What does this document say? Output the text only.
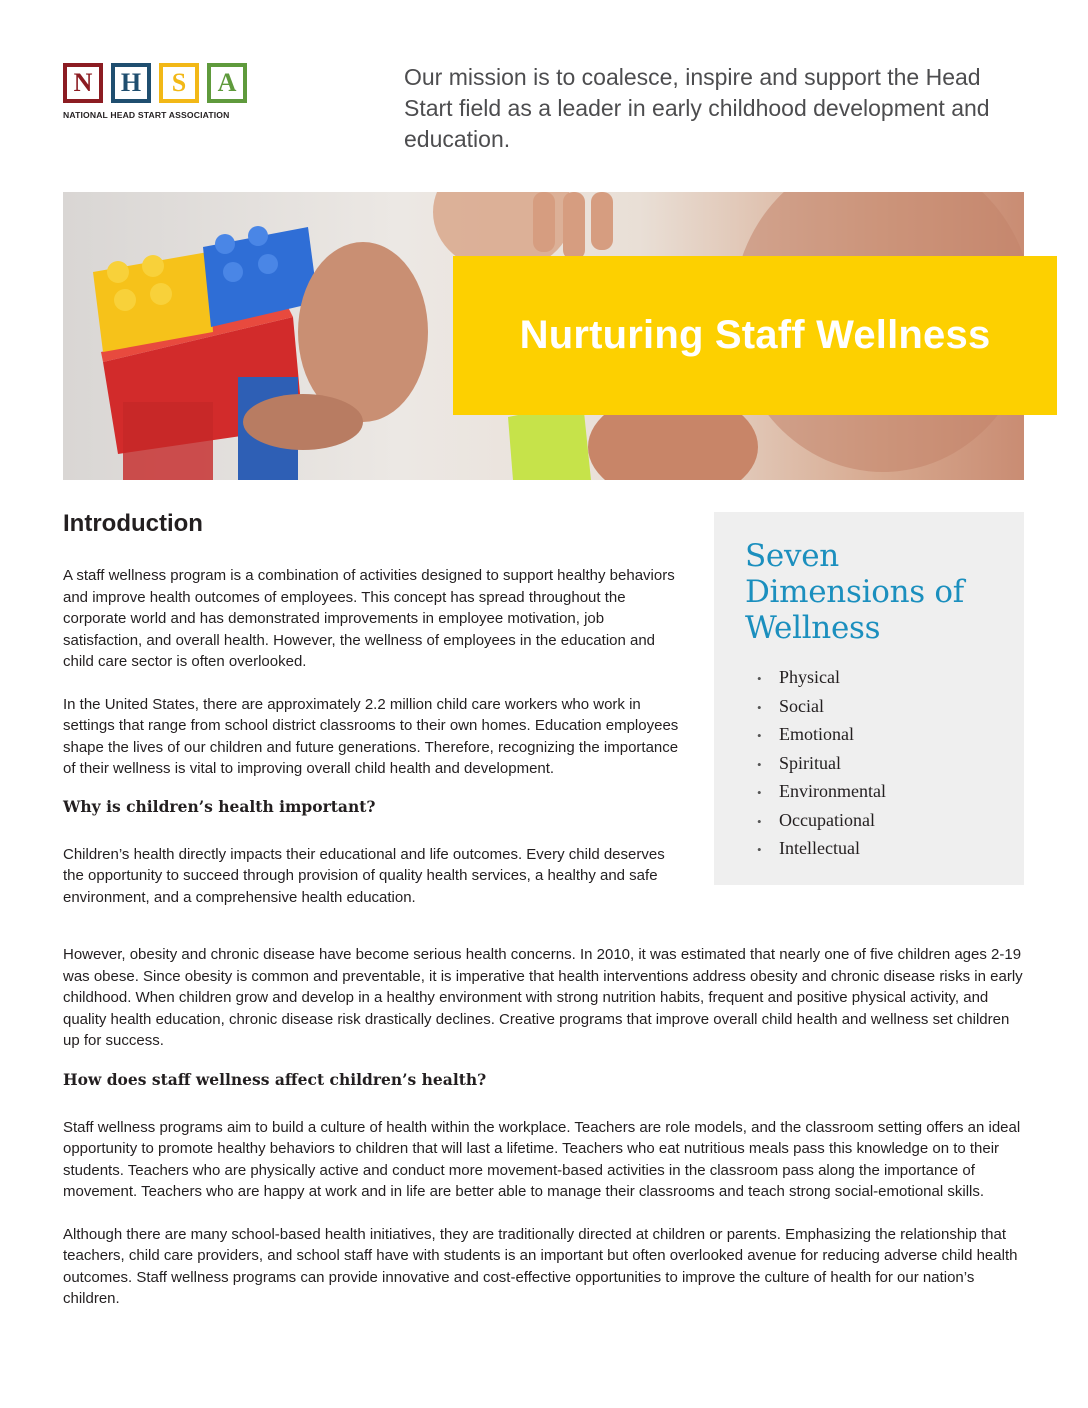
N	H	S	A
NATIONAL HEAD START ASSOCIATION
Our mission is to coalesce, inspire and support the Head Start field as a leader in early childhood development and education.
Nurturing Staff Wellness
Seven Dimensions of Wellness
• Physical
• Social
• Emotional
• Spiritual
• Environmental
• Occupational
• Intellectual
Introduction

A staff wellness program is a combination of activities designed to support healthy behaviors and improve health outcomes of employees. This concept has spread throughout the corporate world and has demonstrated improvements in employee motivation, job satisfaction, and overall health. However, the wellness of employees in the education and child care sector is often overlooked.

In the United States, there are approximately 2.2 million child care workers who work in settings that range from school district classrooms to their own homes. Education employees shape the lives of our children and future generations. Therefore, recognizing the importance of their wellness is vital to improving overall child health and development.

Why is children’s health important?

Children’s health directly impacts their educational and life outcomes. Every child deserves the opportunity to succeed through provision of quality health services, a healthy and safe environment, and a comprehensive health education.

However, obesity and chronic disease have become serious health concerns. In 2010, it was estimated that nearly one of five children ages 2-19 was obese. Since obesity is common and preventable, it is imperative that health interventions address obesity and chronic disease risks in early childhood. When children grow and develop in a healthy environment with strong nutrition habits, frequent and positive physical activity, and quality health education, chronic disease risk drastically declines. Creative programs that improve overall child health and wellness set children up for success.

How does staff wellness affect children’s health?

Staff wellness programs aim to build a culture of health within the workplace. Teachers are role models, and the classroom setting offers an ideal opportunity to promote healthy behaviors to children that will last a lifetime. Teachers who eat nutritious meals pass this knowledge on to their students. Teachers who are physically active and conduct more movement-based activities in the classroom pass along the importance of movement. Teachers who are happy at work and in life are better able to manage their classrooms and teach strong social-emotional skills.

Although there are many school-based health initiatives, they are traditionally directed at children or parents. Emphasizing the relationship that teachers, child care providers, and school staff have with students is an important but often overlooked avenue for reducing adverse child health outcomes. Staff wellness programs can provide innovative and cost-effective opportunities to improve the culture of health for our nation’s children.
